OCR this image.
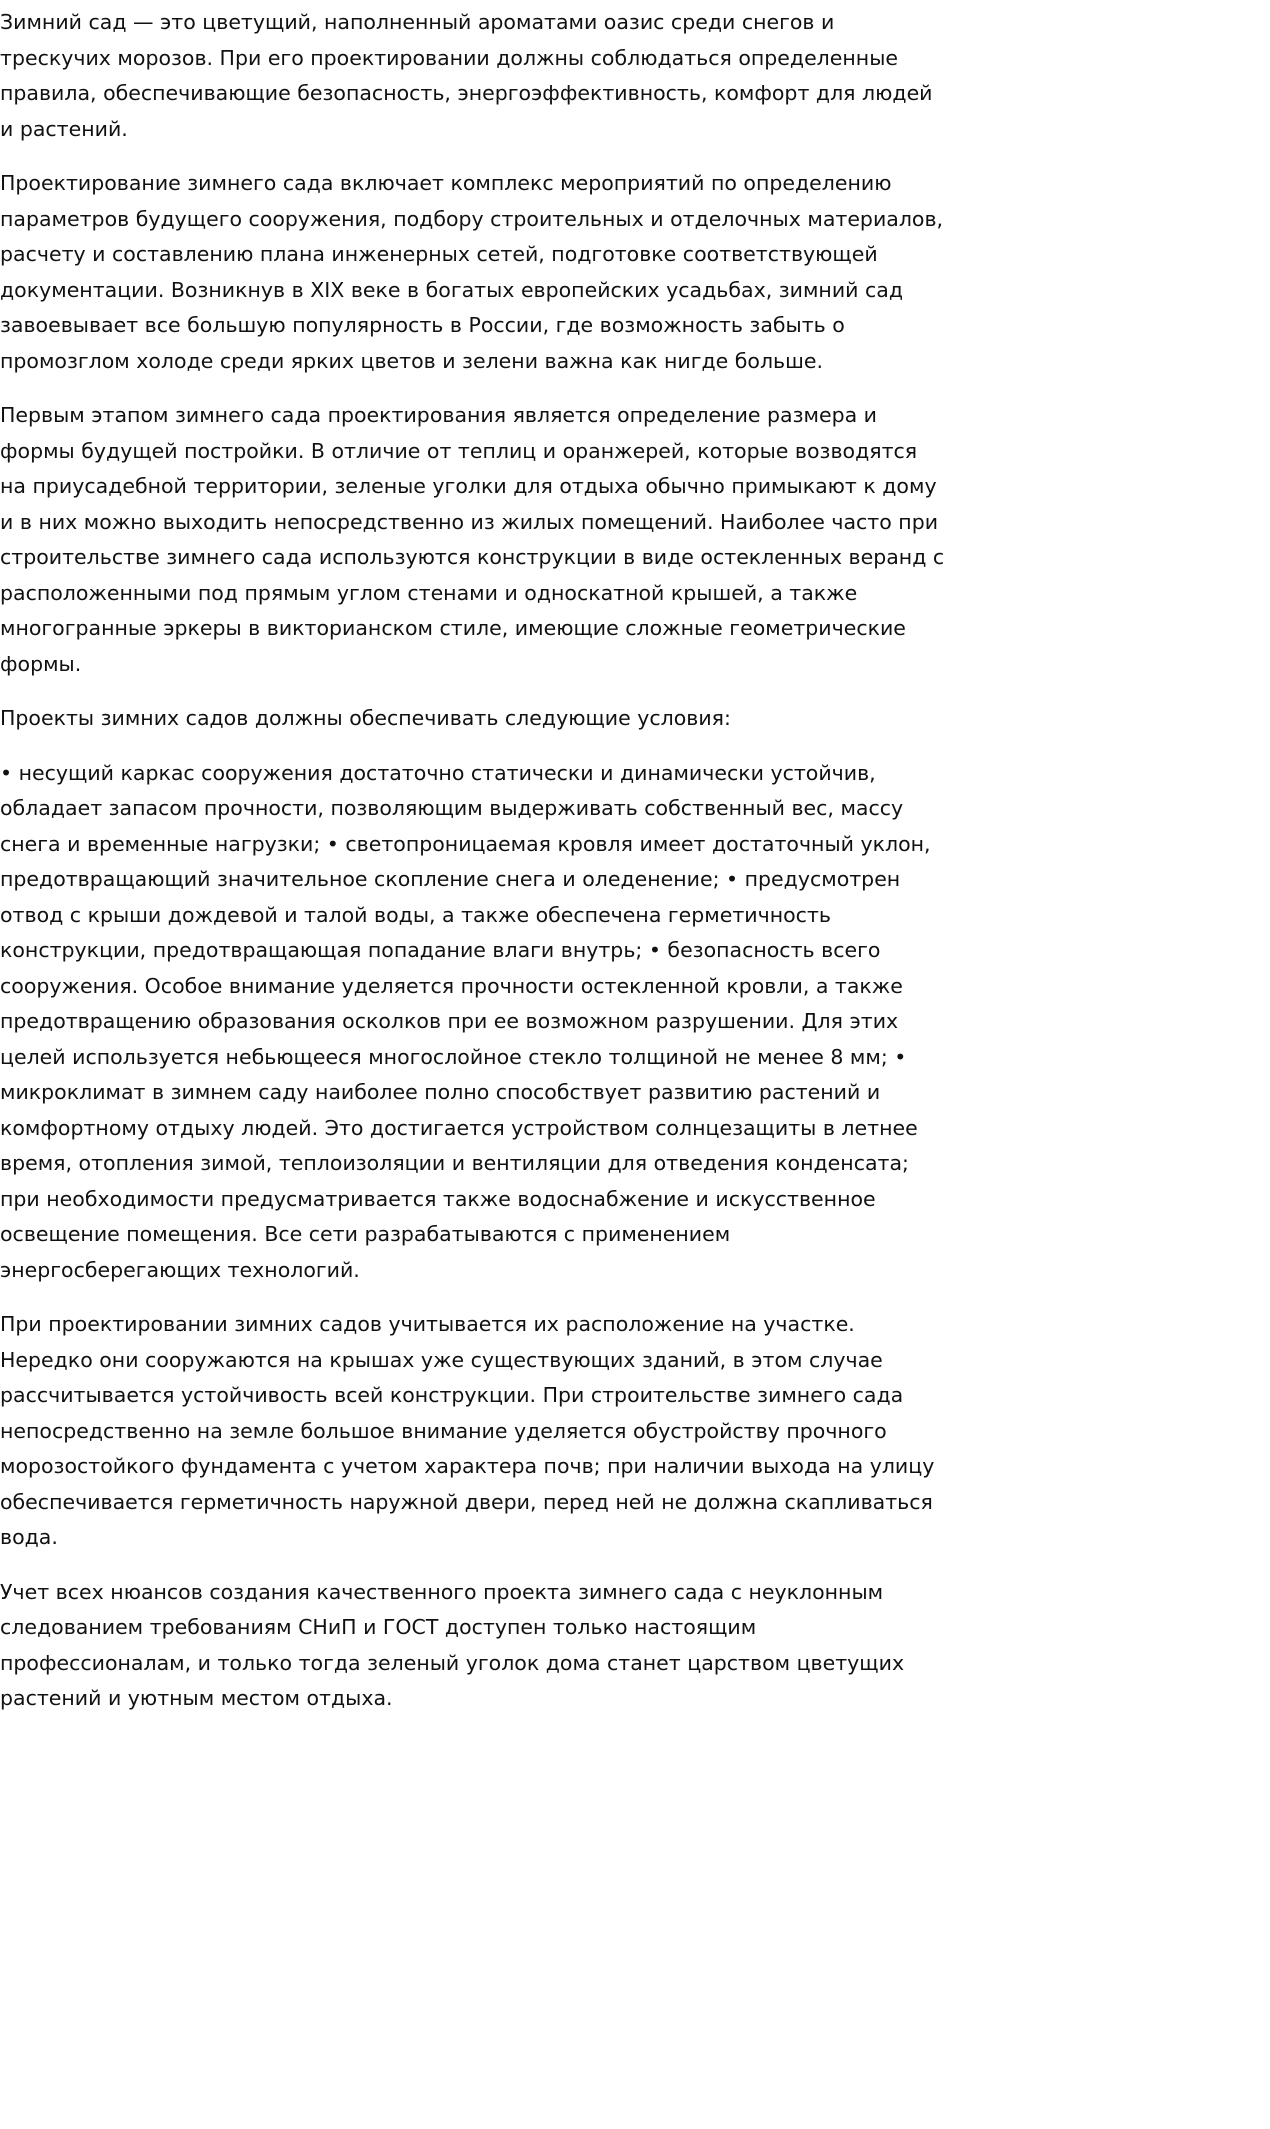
Зимний сад — это цветущий, наполненный ароматами оазис среди снегов и трескучих морозов. При его проектировании должны соблюдаться определенные правила, обеспечивающие безопасность, энергоэффективность, комфорт для людей и растений.

Проектирование зимнего сада включает комплекс мероприятий по определению параметров будущего сооружения, подбору строительных и отделочных материалов, расчету и составлению плана инженерных сетей, подготовке соответствующей документации. Возникнув в XIX веке в богатых европейских усадьбах, зимний сад завоевывает все большую популярность в России, где возможность забыть о промозглом холоде среди ярких цветов и зелени важна как нигде больше.

Первым этапом зимнего сада проектирования является определение размера и формы будущей постройки. В отличие от теплиц и оранжерей, которые возводятся на приусадебной территории, зеленые уголки для отдыха обычно примыкают к дому и в них можно выходить непосредственно из жилых помещений. Наиболее часто при строительстве зимнего сада используются конструкции в виде остекленных веранд с расположенными под прямым углом стенами и односкатной крышей, а также многогранные эркеры в викторианском стиле, имеющие сложные геометрические формы.

Проекты зимних садов должны обеспечивать следующие условия:

• несущий каркас сооружения достаточно статически и динамически устойчив, обладает запасом прочности, позволяющим выдерживать собственный вес, массу снега и временные нагрузки; • светопроницаемая кровля имеет достаточный уклон, предотвращающий значительное скопление снега и оледенение; • предусмотрен отвод с крыши дождевой и талой воды, а также обеспечена герметичность конструкции, предотвращающая попадание влаги внутрь; • безопасность всего сооружения. Особое внимание уделяется прочности остекленной кровли, а также предотвращению образования осколков при ее возможном разрушении. Для этих целей используется небьющееся многослойное стекло толщиной не менее 8 мм; • микроклимат в зимнем саду наиболее полно способствует развитию растений и комфортному отдыху людей. Это достигается устройством солнцезащиты в летнее время, отопления зимой, теплоизоляции и вентиляции для отведения конденсата; при необходимости предусматривается также водоснабжение и искусственное освещение помещения. Все сети разрабатываются с применением энергосберегающих технологий.

При проектировании зимних садов учитывается их расположение на участке. Нередко они сооружаются на крышах уже существующих зданий, в этом случае рассчитывается устойчивость всей конструкции. При строительстве зимнего сада непосредственно на земле большое внимание уделяется обустройству прочного морозостойкого фундамента с учетом характера почв; при наличии выхода на улицу обеспечивается герметичность наружной двери, перед ней не должна скапливаться вода.

Учет всех нюансов создания качественного проекта зимнего сада с неуклонным следованием требованиям СНиП и ГОСТ доступен только настоящим профессионалам, и только тогда зеленый уголок дома станет царством цветущих растений и уютным местом отдыха.
